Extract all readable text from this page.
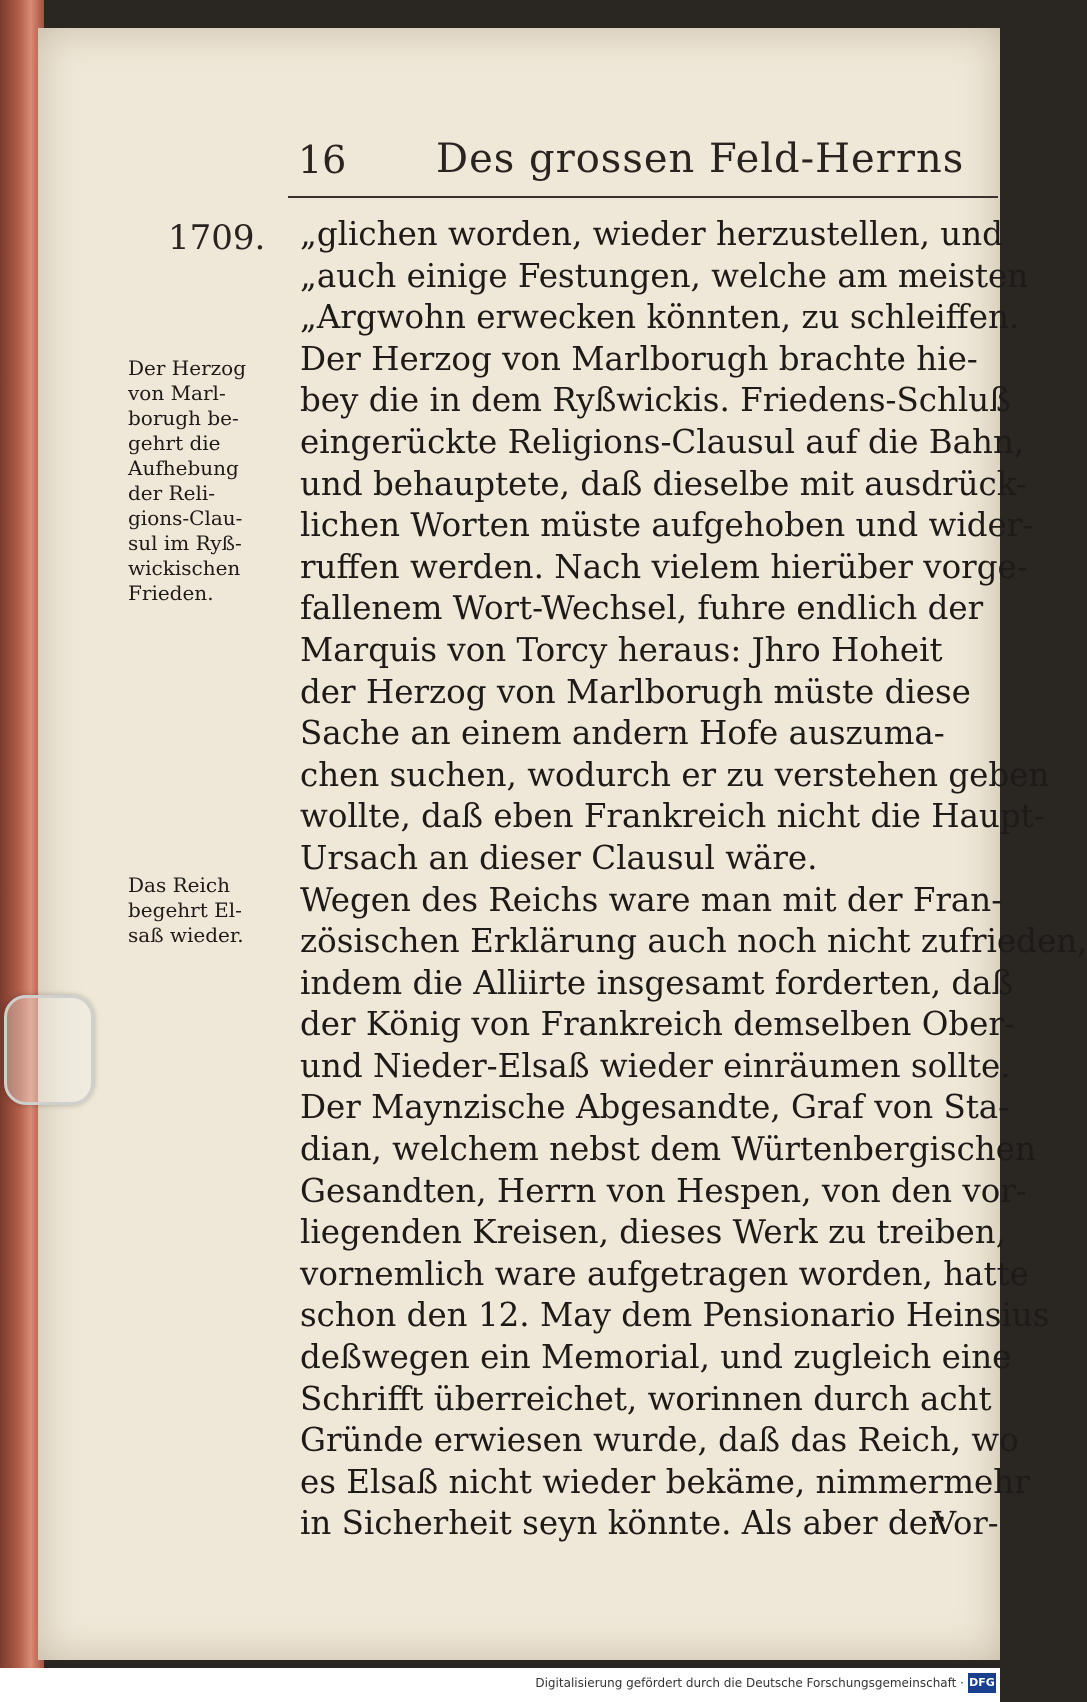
16 Des grossen Feld-Herrns
1709.
Der Herzog
von Marl-
borugh be-
gehrt die
Aufhebung
der Reli-
gions-Clau-
sul im Ryß-
wickischen
Frieden.
Das Reich
begehrt El-
saß wieder.
„glichen worden, wieder herzustellen, und
„auch einige Festungen, welche am meisten
„Argwohn erwecken könnten, zu schleiffen.
Der Herzog von Marlborugh brachte hie-
bey die in dem Ryßwickis. Friedens-Schluß
eingerückte Religions-Clausul auf die Bahn,
und behauptete, daß dieselbe mit ausdrück-
lichen Worten müste aufgehoben und wider-
ruffen werden. Nach vielem hierüber vorge-
fallenem Wort-Wechsel, fuhre endlich der
Marquis von Torcy heraus: Jhro Hoheit
der Herzog von Marlborugh müste diese
Sache an einem andern Hofe auszuma-
chen suchen, wodurch er zu verstehen geben
wollte, daß eben Frankreich nicht die Haupt-
Ursach an dieser Clausul wäre.
Wegen des Reichs ware man mit der Fran-
zösischen Erklärung auch noch nicht zufrieden,
indem die Alliirte insgesamt forderten, daß
der König von Frankreich demselben Ober-
und Nieder-Elsaß wieder einräumen sollte.
Der Maynzische Abgesandte, Graf von Sta-
dian, welchem nebst dem Würtenbergischen
Gesandten, Herrn von Hespen, von den vor-
liegenden Kreisen, dieses Werk zu treiben,
vornemlich ware aufgetragen worden, hatte
schon den 12. May dem Pensionario Heinsius
deßwegen ein Memorial, und zugleich eine
Schrifft überreichet, worinnen durch acht
Gründe erwiesen wurde, daß das Reich, wo
es Elsaß nicht wieder bekäme, nimmermehr
in Sicherheit seyn könnte. Als aber der
Vor-
Digitalisierung gefördert durch die Deutsche Forschungsgemeinschaft · DFG
